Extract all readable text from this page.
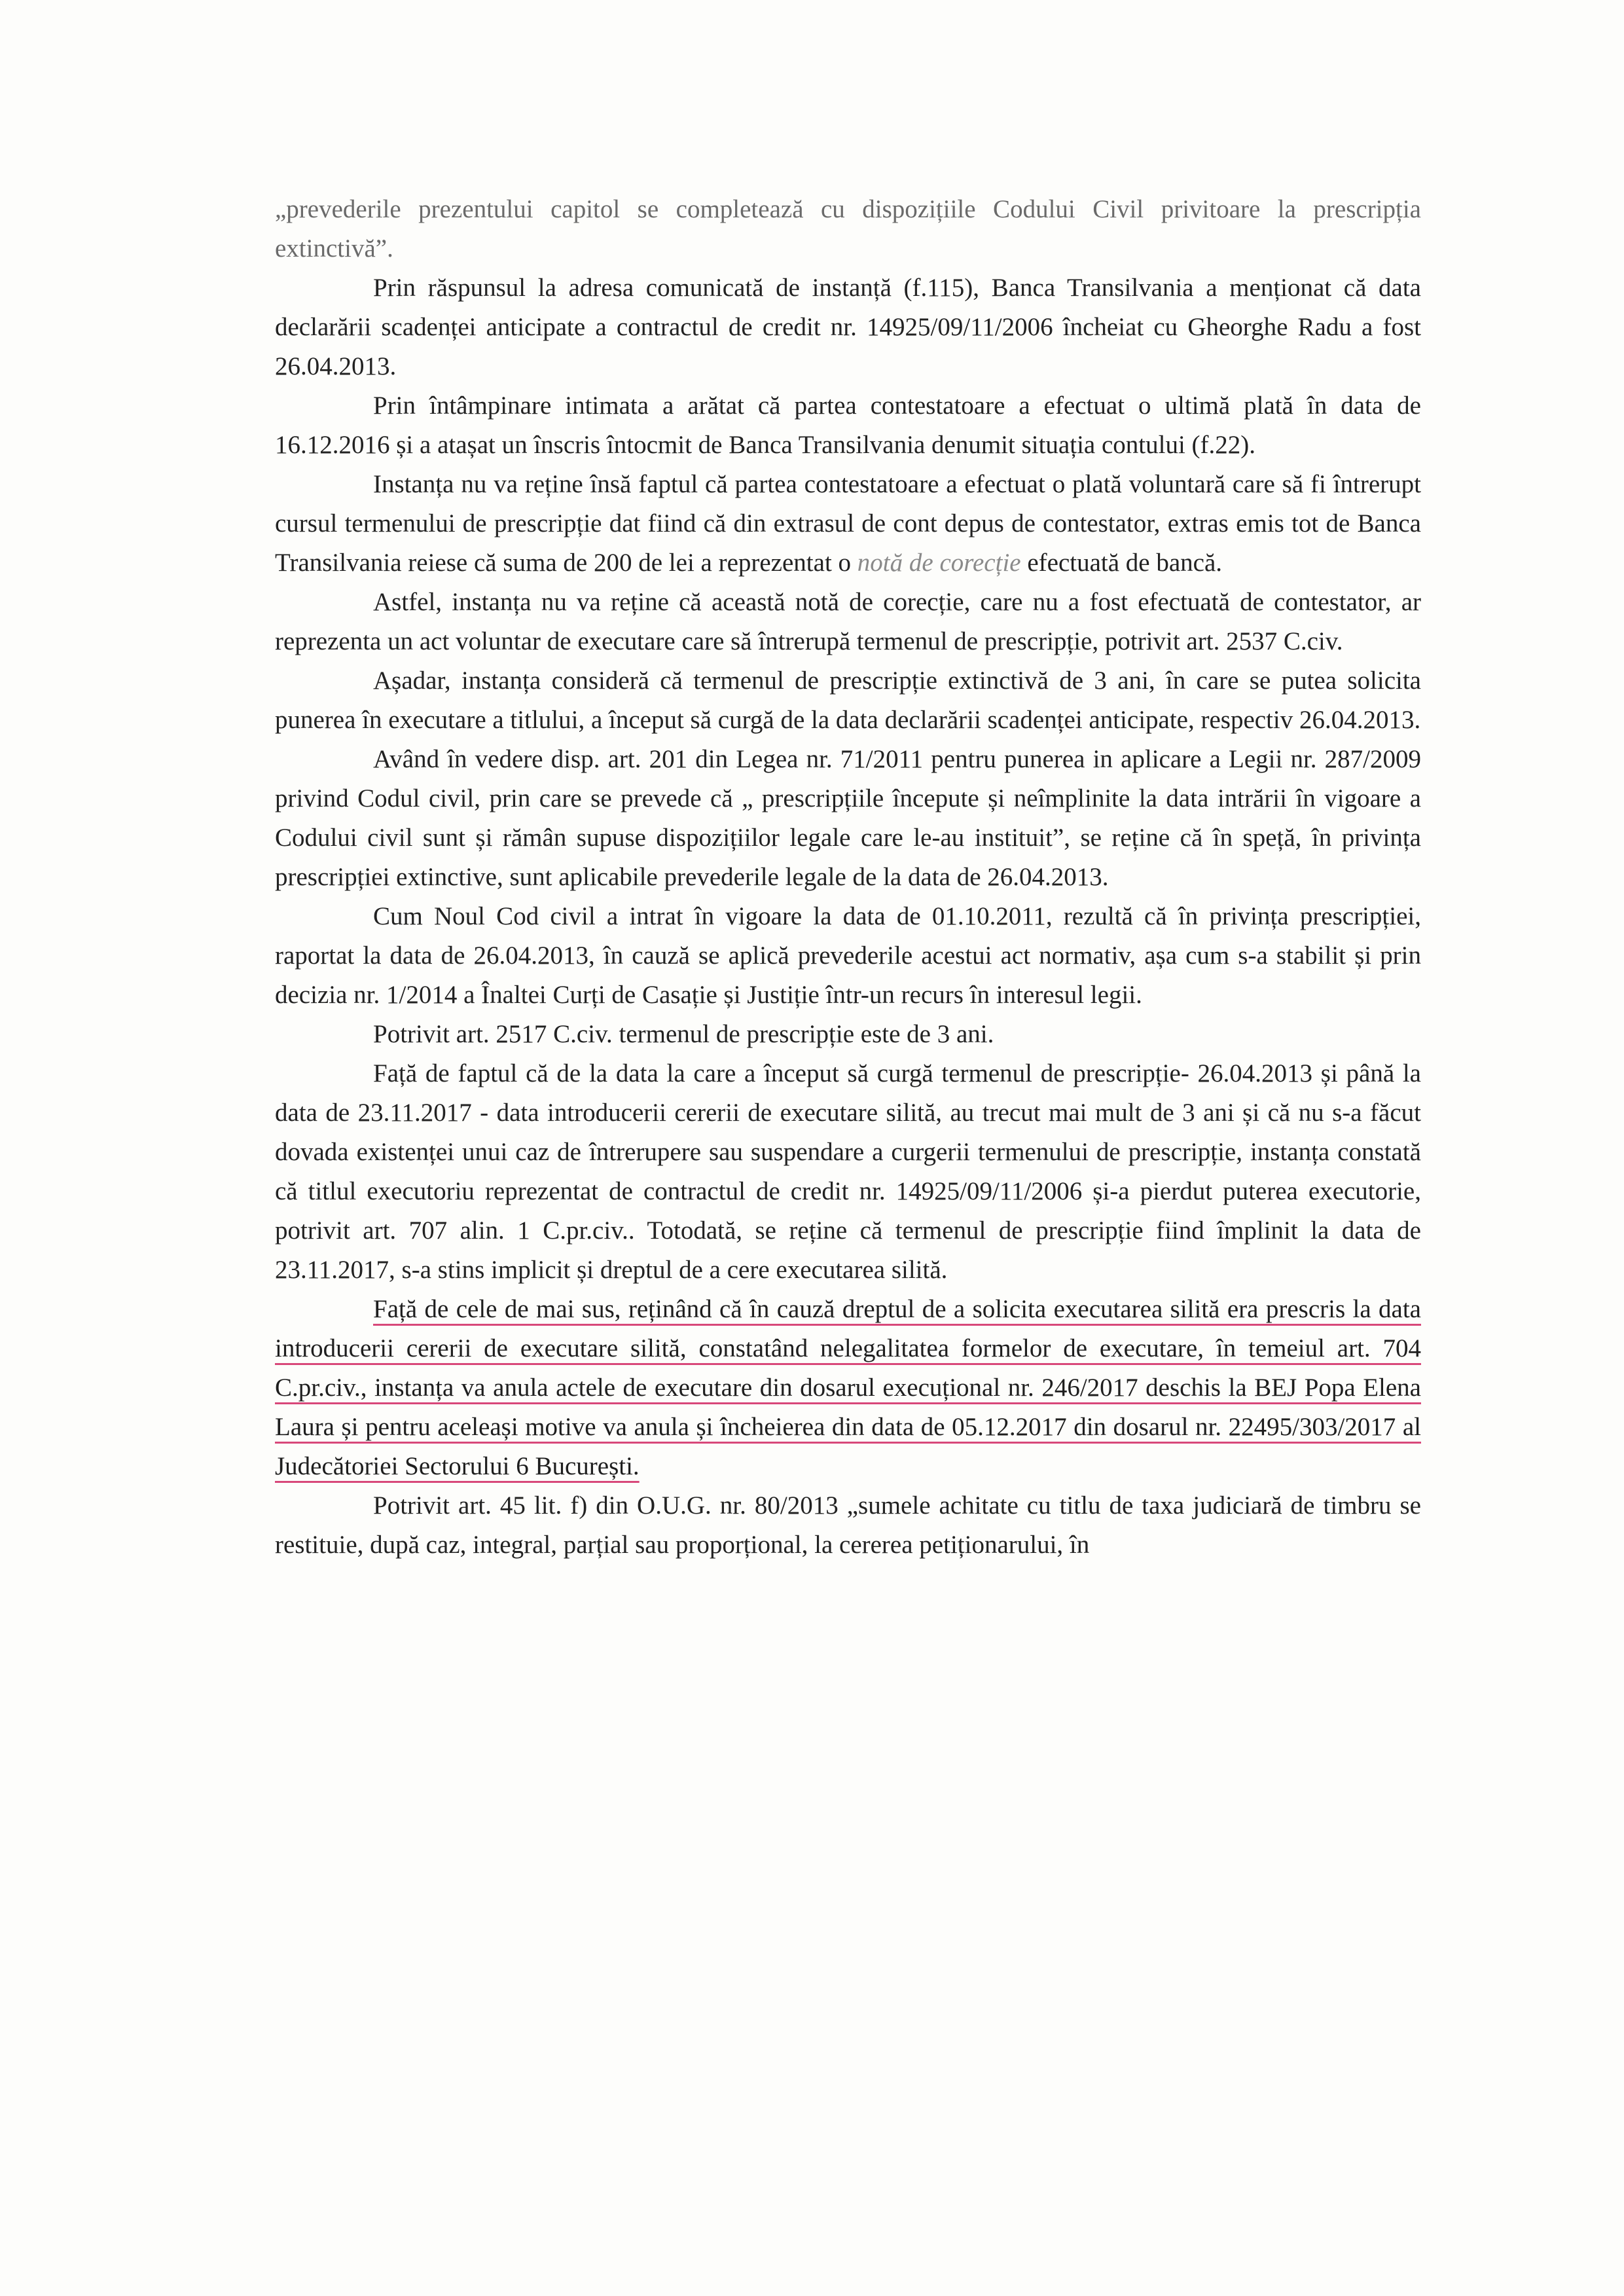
„prevederile prezentului capitol se completează cu dispozițiile Codului Civil privitoare la prescripția extinctivă”.

Prin răspunsul la adresa comunicată de instanță (f.115), Banca Transilvania a menționat că data declarării scadenței anticipate a contractul de credit nr. 14925/09/11/2006 încheiat cu Gheorghe Radu a fost 26.04.2013.

Prin întâmpinare intimata a arătat că partea contestatoare a efectuat o ultimă plată în data de 16.12.2016 și a atașat un înscris întocmit de Banca Transilvania denumit situația contului (f.22).

Instanța nu va reține însă faptul că partea contestatoare a efectuat o plată voluntară care să fi întrerupt cursul termenului de prescripție dat fiind că din extrasul de cont depus de contestator, extras emis tot de Banca Transilvania reiese că suma de 200 de lei a reprezentat o notă de corecție efectuată de bancă.

Astfel, instanța nu va reține că această notă de corecție, care nu a fost efectuată de contestator, ar reprezenta un act voluntar de executare care să întrerupă termenul de prescripție, potrivit art. 2537 C.civ.

Așadar, instanța consideră că termenul de prescripție extinctivă de 3 ani, în care se putea solicita punerea în executare a titlului, a început să curgă de la data declarării scadenței anticipate, respectiv 26.04.2013.

Având în vedere disp. art. 201 din Legea nr. 71/2011 pentru punerea in aplicare a Legii nr. 287/2009 privind Codul civil, prin care se prevede că „ prescripțiile începute și neîmplinite la data intrării în vigoare a Codului civil sunt și rămân supuse dispozițiilor legale care le-au instituit”, se reține că în speță, în privința prescripției extinctive, sunt aplicabile prevederile legale de la data de 26.04.2013.

Cum Noul Cod civil a intrat în vigoare la data de 01.10.2011, rezultă că în privința prescripției, raportat la data de 26.04.2013, în cauză se aplică prevederile acestui act normativ, așa cum s-a stabilit și prin decizia nr. 1/2014 a Înaltei Curți de Casație și Justiție într-un recurs în interesul legii.

Potrivit art. 2517 C.civ. termenul de prescripție este de 3 ani.

Față de faptul că de la data la care a început să curgă termenul de prescripție- 26.04.2013 și până la data de 23.11.2017 - data introducerii cererii de executare silită, au trecut mai mult de 3 ani și că nu s-a făcut dovada existenței unui caz de întrerupere sau suspendare a curgerii termenului de prescripție, instanța constată că titlul executoriu reprezentat de contractul de credit nr. 14925/09/11/2006 și-a pierdut puterea executorie, potrivit art. 707 alin. 1 C.pr.civ.. Totodată, se reține că termenul de prescripție fiind împlinit la data de 23.11.2017, s-a stins implicit și dreptul de a cere executarea silită.

Față de cele de mai sus, reținând că în cauză dreptul de a solicita executarea silită era prescris la data introducerii cererii de executare silită, constatând nelegalitatea formelor de executare, în temeiul art. 704 C.pr.civ., instanța va anula actele de executare din dosarul execuțional nr. 246/2017 deschis la BEJ Popa Elena Laura și pentru aceleași motive va anula și încheierea din data de 05.12.2017 din dosarul nr. 22495/303/2017 al Judecătoriei Sectorului 6 București.

Potrivit art. 45 lit. f) din O.U.G. nr. 80/2013 „sumele achitate cu titlu de taxa judiciară de timbru se restituie, după caz, integral, parțial sau proporțional, la cererea petiționarului, în
